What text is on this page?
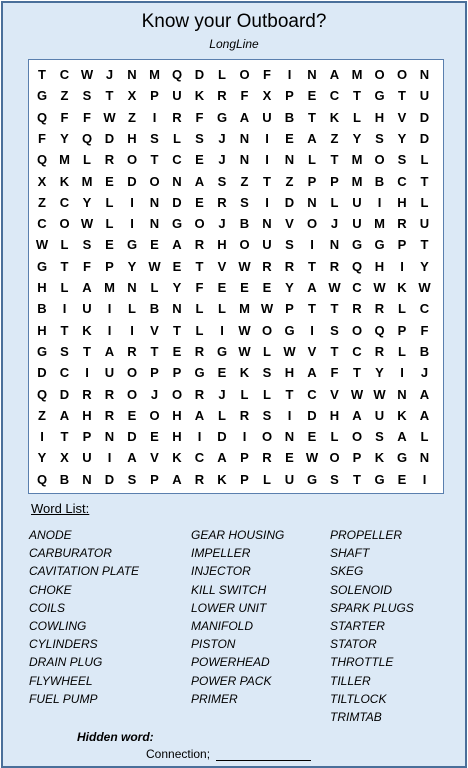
Know your Outboard?
LongLine
T	C W J	N M Q D	L	O	F	I	N	A M O O N
G	Z	S	T	X	P	U	K	R	F	X	P	E	C	T	G	T	U
Q	F	F W Z	I	R	F	G A	U	B	T	K	L	H	V	D
F	Y	Q D	H	S	L	S	J	N	I	E	A	Z	Y	S	Y	D
Q M	L	R O	T	C	E	J	N	I	N	L	T	M O	S	L
X	K M E	D O N	A	S	Z	T	Z	P	P M B	C	T
Z	C	Y	L	I	N	D	E	R	S	I	D	N	L	U	I	H	L
C O W L	I	N G O	J	B	N	V	O	J	U M R	U
W L	S	E	G	E	A	R	H O U	S	I	N G G	P	T
G	T	F	P	Y W E	T	V W R	R	T	R Q H	I	Y
H	L	A M N	L	Y	F	E	E	E	Y	A W C W K W
B	I	U	I	L	B	N	L	L	M W P	T	T	R	R	L	C
H	T	K	I	I	V	T	L	I	W O G	I	S	O Q	P	F
G	S	T	A	R	T	E	R G W L W V	T	C	R	L	B
D	C	I	U O	P	P	G	E	K	S	H	A	F	T	Y	I	J
Q D	R	R O	J	O R	J	L	L	T	C	V W W N	A
Z	A	H	R	E	O H	A	L	R	S	I	D	H	A	U	K	A
I	T	P	N	D	E	H	I	D	I	O N	E	L	O	S	A	L
Y	X	U	I	A	V	K	C	A	P	R	E W O	P	K G N
Q B	N	D	S	P	A	R	K	P	L	U G	S	T	G	E	I
Word List:
ANODE
CARBURATOR
CAVITATION PLATE
CHOKE
COILS
COWLING
CYLINDERS
DRAIN PLUG
FLYWHEEL
FUEL PUMP
GEAR HOUSING
IMPELLER
INJECTOR
KILL SWITCH
LOWER UNIT
MANIFOLD
PISTON
POWERHEAD
POWER PACK
PRIMER
PROPELLER
SHAFT
SKEG
SOLENOID
SPARK PLUGS
STARTER
STATOR
THROTTLE
TILLER
TILTLOCK
TRIMTAB
Hidden word:
Connection;
